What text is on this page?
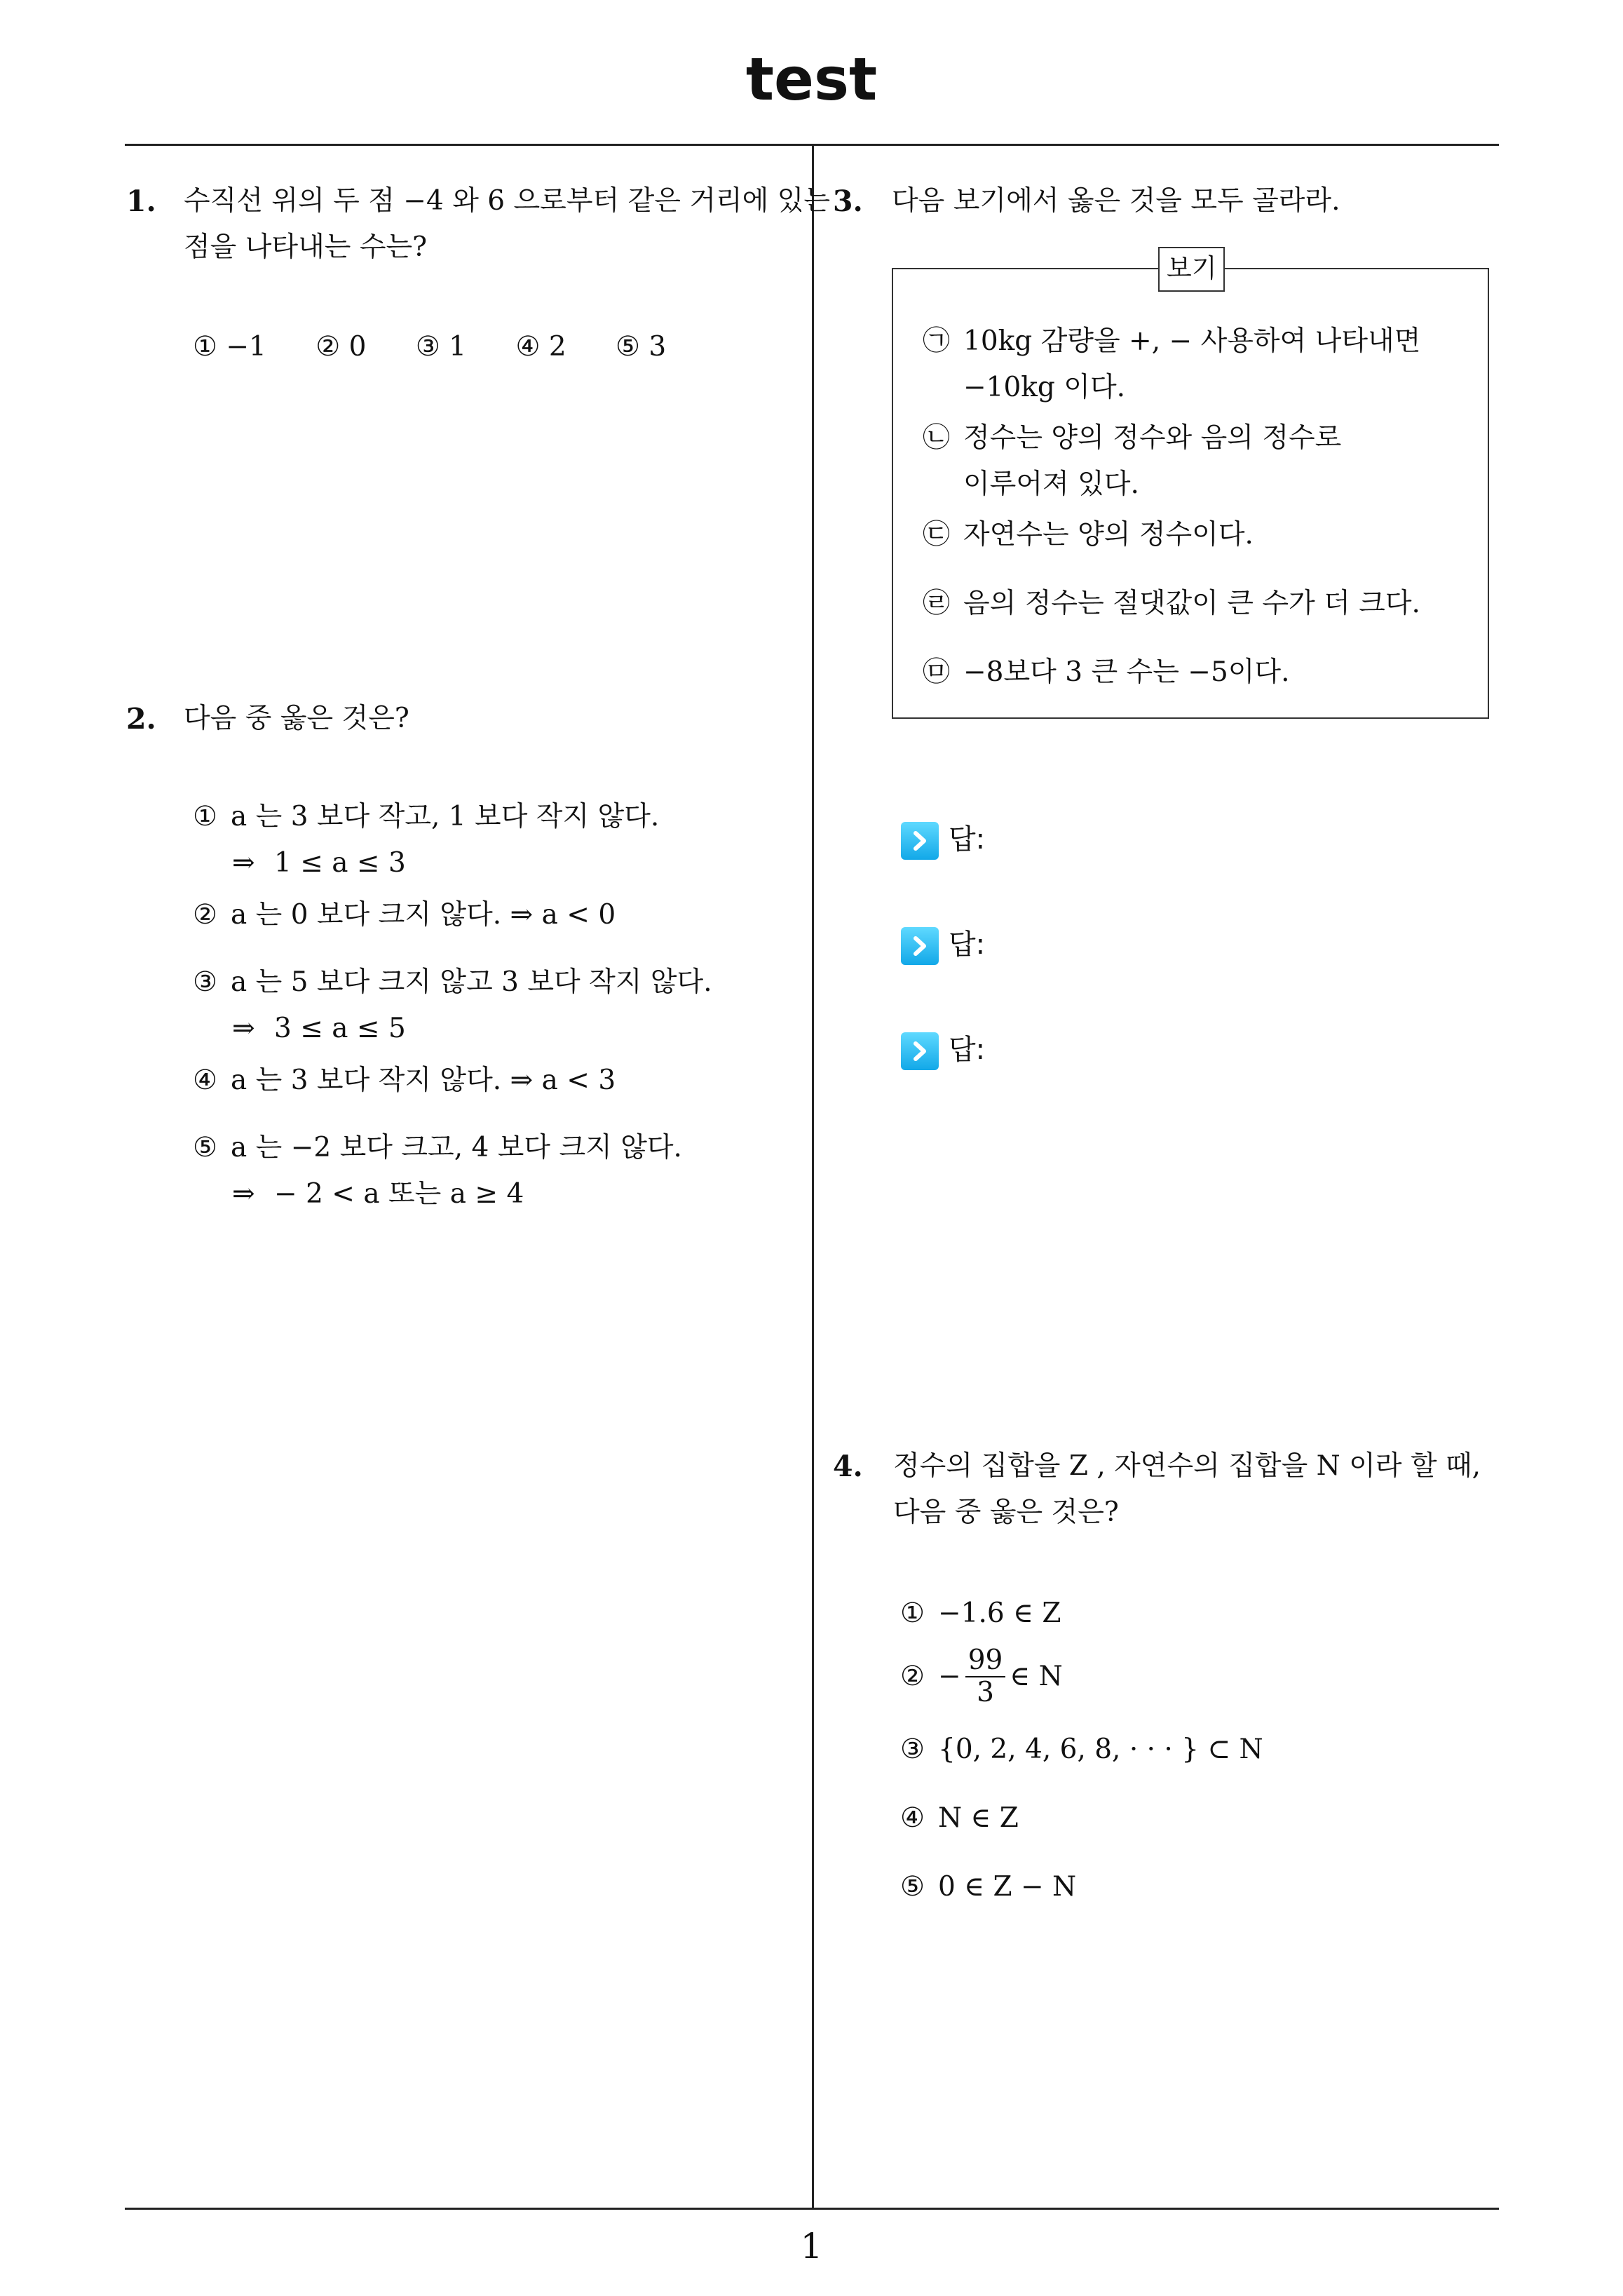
test
1
1. 수직선 위의 두 점 −4 와 6 으로부터 같은 거리에 있는
점을 나타내는 수는?
① −1 ② 0 ③ 1 ④ 2 ⑤ 3
2. 다음 중 옳은 것은?
① a 는 3 보다 작고, 1 보다 작지 않다.
⇒ 1 ≤ a ≤ 3
② a 는 0 보다 크지 않다. ⇒ a < 0
③ a 는 5 보다 크지 않고 3 보다 작지 않다.
⇒ 3 ≤ a ≤ 5
④ a 는 3 보다 작지 않다. ⇒ a < 3
⑤ a 는 −2 보다 크고, 4 보다 크지 않다.
⇒ − 2 < a 또는 a ≥ 4
3. 다음 보기에서 옳은 것을 모두 골라라.
보기
㉠ 10kg 감량을 +, − 사용하여 나타내면
−10kg 이다.
㉡ 정수는 양의 정수와 음의 정수로
이루어져 있다.
㉢ 자연수는 양의 정수이다.
㉣ 음의 정수는 절댓값이 큰 수가 더 크다.
㉤ −8보다 3 큰 수는 −5이다.
답:
답:
답:
4. 정수의 집합을 Z , 자연수의 집합을 N 이라 할 때,
다음 중 옳은 것은?
① −1.6 ∈ Z
② − $\frac{99}{3}$ ∈ N
③ {0, 2, 4, 6, 8, · · · } ⊂ N
④ N ∈ Z
⑤ 0 ∈ Z − N
